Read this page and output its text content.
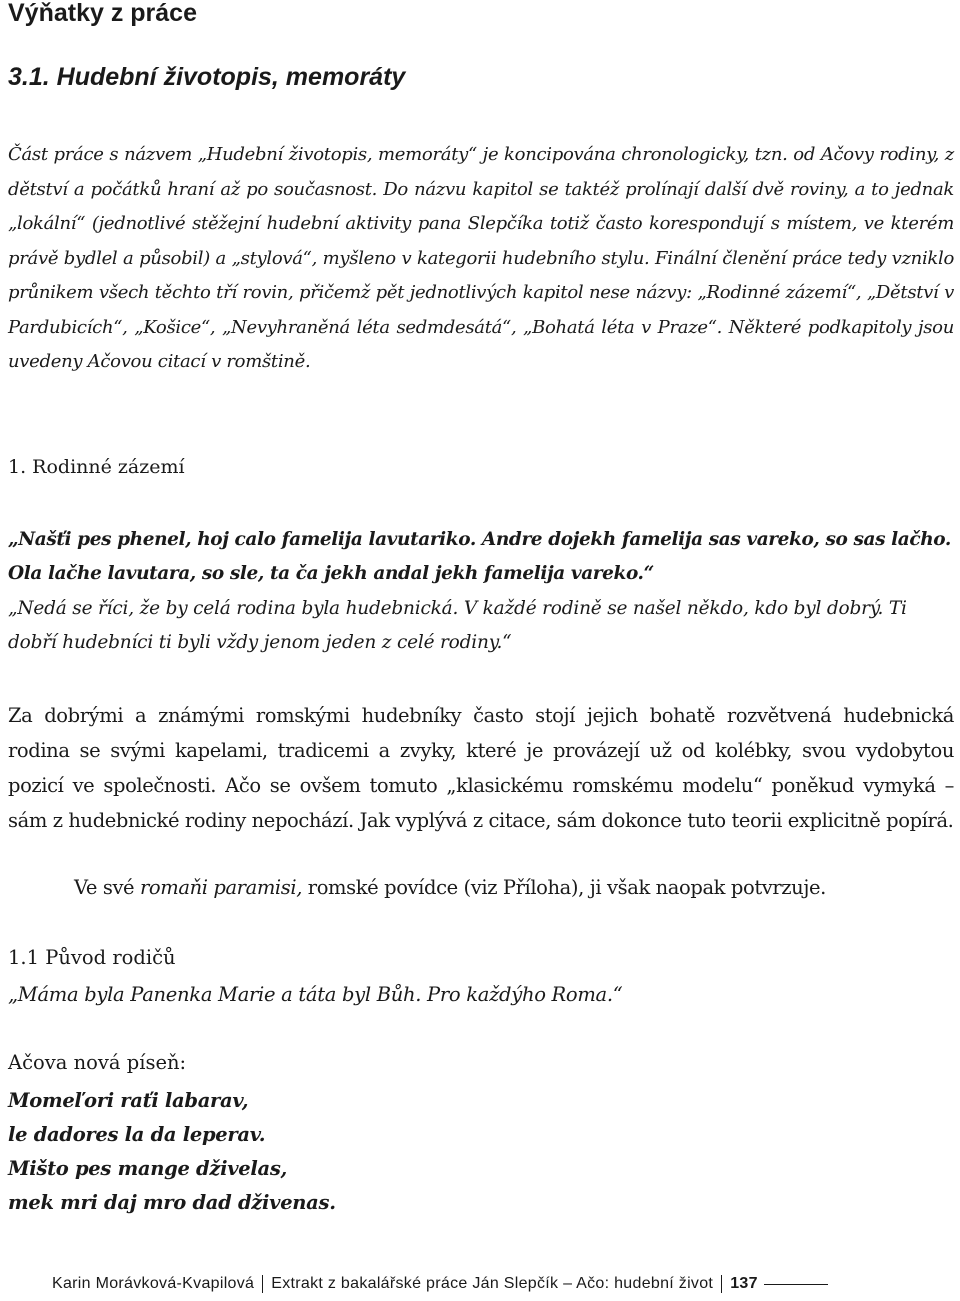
Výňatky z práce
3.1. Hudební životopis, memoráty

Část práce s názvem „Hudební životopis, memoráty“ je koncipována chronologicky, tzn. od Ačovy rodiny, z dětství a počátků hraní až po současnost. Do názvu kapitol se taktéž prolínají další dvě roviny, a to jednak „lokální“ (jednotlivé stěžejní hudební aktivity pana Slepčíka totiž často korespondují s místem, ve kterém právě bydlel a působil) a „stylová“, myšleno v kategorii hudebního stylu. Finální členění práce tedy vzniklo průnikem všech těchto tří rovin, přičemž pět jednotlivých kapitol nese názvy: „Rodinné zázemí“, „Dětství v Pardubicích“, „Košice“, „Nevyhraněná léta sedmdesátá“, „Bohatá léta v Praze“. Některé podkapitoly jsou uvedeny Ačovou citací v romštině.

1. Rodinné zázemí
„Našťi pes phenel, hoj calo famelija lavutariko. Andre dojekh famelija sas vareko, so sas lačho. Ola lačhe lavutara, so sle, ta ča jekh andal jekh famelija vareko.“
„Nedá se říci, že by celá rodina byla hudebnická. V každé rodině se našel někdo, kdo byl dobrý. Ti dobří hudebníci ti byli vždy jenom jeden z celé rodiny.“
Za dobrými a známými romskými hudebníky často stojí jejich bohatě rozvětvená hudebnická rodina se svými kapelami, tradicemi a zvyky, které je provázejí už od kolébky, svou vydobytou pozicí ve společnosti. Ačo se ovšem tomuto „klasickému romskému modelu“ poněkud vymyká – sám z hudebnické rodiny nepochází. Jak vyplývá z citace, sám dokonce tuto teorii explicitně popírá.
Ve své romaňi paramisi, romské povídce (viz Příloha), ji však naopak potvrzuje.
1.1 Původ rodičů
„Máma byla Panenka Marie a táta byl Bůh. Pro každýho Roma.“
Ačova nová píseň:
Momeľori raťi labarav,
le dadores la da leperav.
Mišto pes mange dživelas,
mek mri daj mro dad dživenas.
Karin Morávková-Kvapilová Extrakt z bakalářské práce Ján Slepčík – Ačo: hudební život 137
